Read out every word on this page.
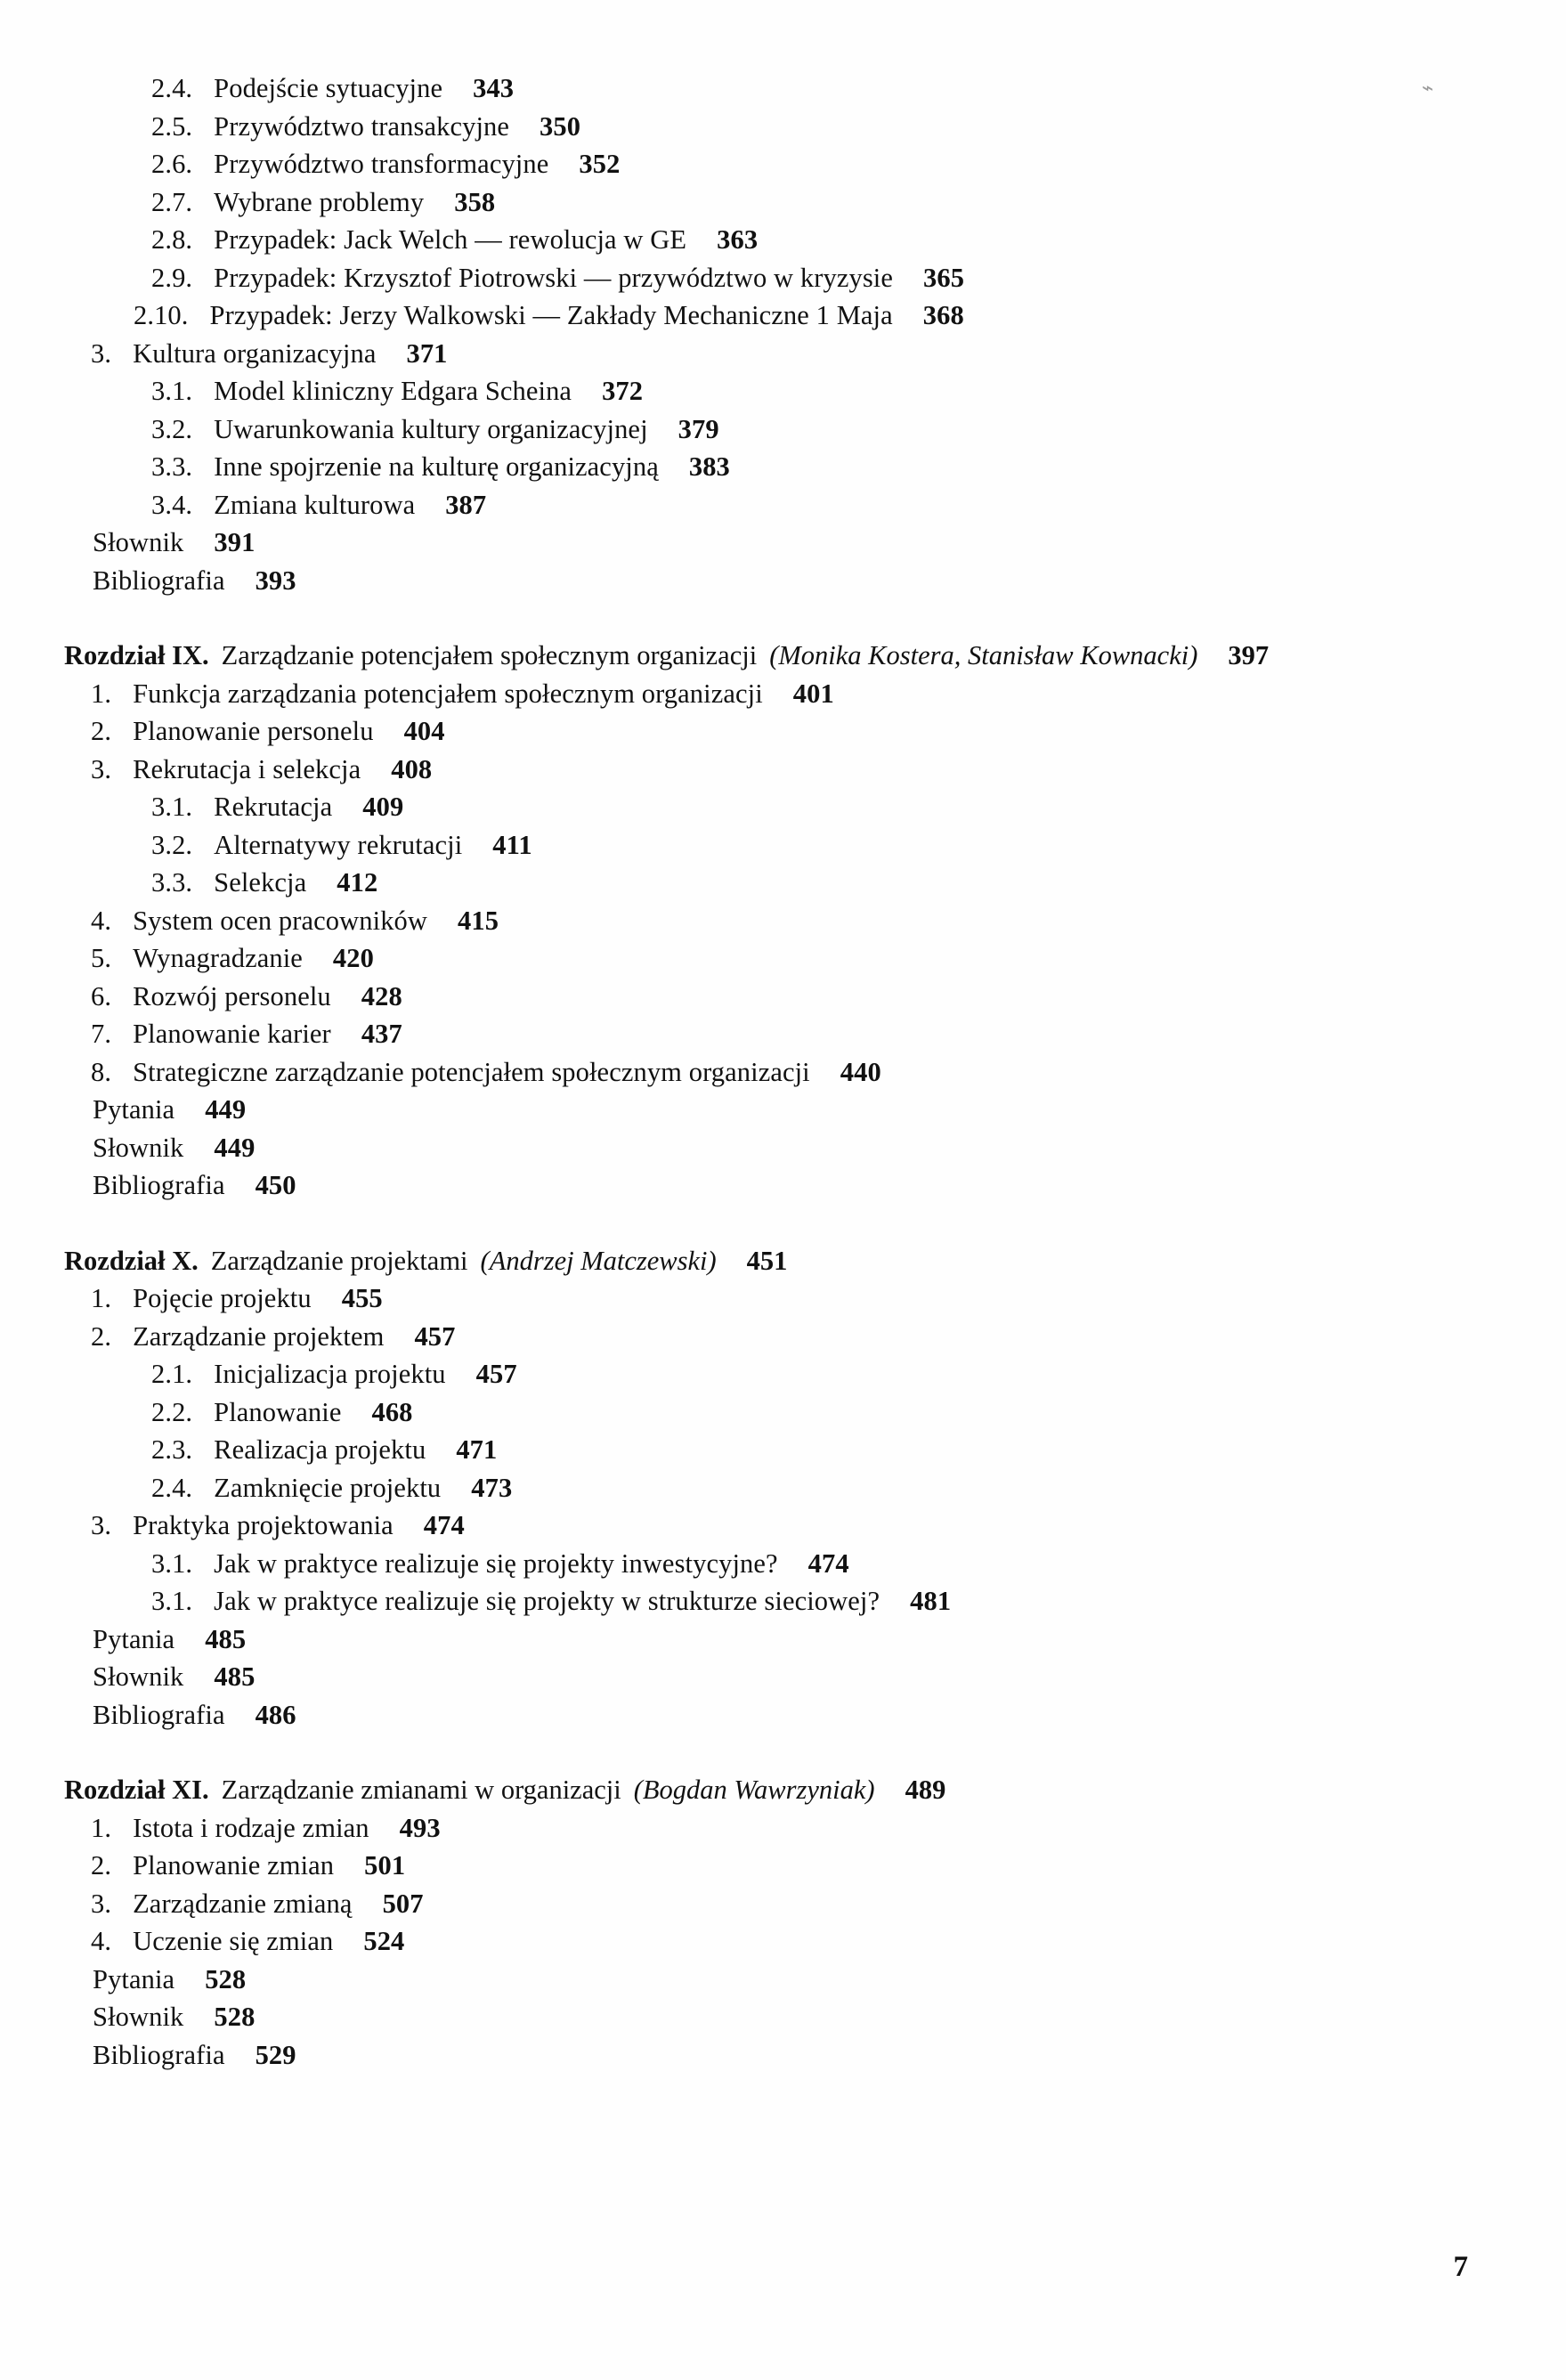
⌁
2.4. Podejście sytuacyjne 343
2.5. Przywództwo transakcyjne 350
2.6. Przywództwo transformacyjne 352
2.7. Wybrane problemy 358
2.8. Przypadek: Jack Welch — rewolucja w GE 363
2.9. Przypadek: Krzysztof Piotrowski — przywództwo w kryzysie 365
2.10. Przypadek: Jerzy Walkowski — Zakłady Mechaniczne 1 Maja 368
3. Kultura organizacyjna 371
3.1. Model kliniczny Edgara Scheina 372
3.2. Uwarunkowania kultury organizacyjnej 379
3.3. Inne spojrzenie na kulturę organizacyjną 383
3.4. Zmiana kulturowa 387
Słownik 391
Bibliografia 393
Rozdział IX. Zarządzanie potencjałem społecznym organizacji (Monika Kostera, Stanisław Kownacki) 397
1. Funkcja zarządzania potencjałem społecznym organizacji 401
2. Planowanie personelu 404
3. Rekrutacja i selekcja 408
3.1. Rekrutacja 409
3.2. Alternatywy rekrutacji 411
3.3. Selekcja 412
4. System ocen pracowników 415
5. Wynagradzanie 420
6. Rozwój personelu 428
7. Planowanie karier 437
8. Strategiczne zarządzanie potencjałem społecznym organizacji 440
Pytania 449
Słownik 449
Bibliografia 450
Rozdział X. Zarządzanie projektami (Andrzej Matczewski) 451
1. Pojęcie projektu 455
2. Zarządzanie projektem 457
2.1. Inicjalizacja projektu 457
2.2. Planowanie 468
2.3. Realizacja projektu 471
2.4. Zamknięcie projektu 473
3. Praktyka projektowania 474
3.1. Jak w praktyce realizuje się projekty inwestycyjne? 474
3.1. Jak w praktyce realizuje się projekty w strukturze sieciowej? 481
Pytania 485
Słownik 485
Bibliografia 486
Rozdział XI. Zarządzanie zmianami w organizacji (Bogdan Wawrzyniak) 489
1. Istota i rodzaje zmian 493
2. Planowanie zmian 501
3. Zarządzanie zmianą 507
4. Uczenie się zmian 524
Pytania 528
Słownik 528
Bibliografia 529
7
